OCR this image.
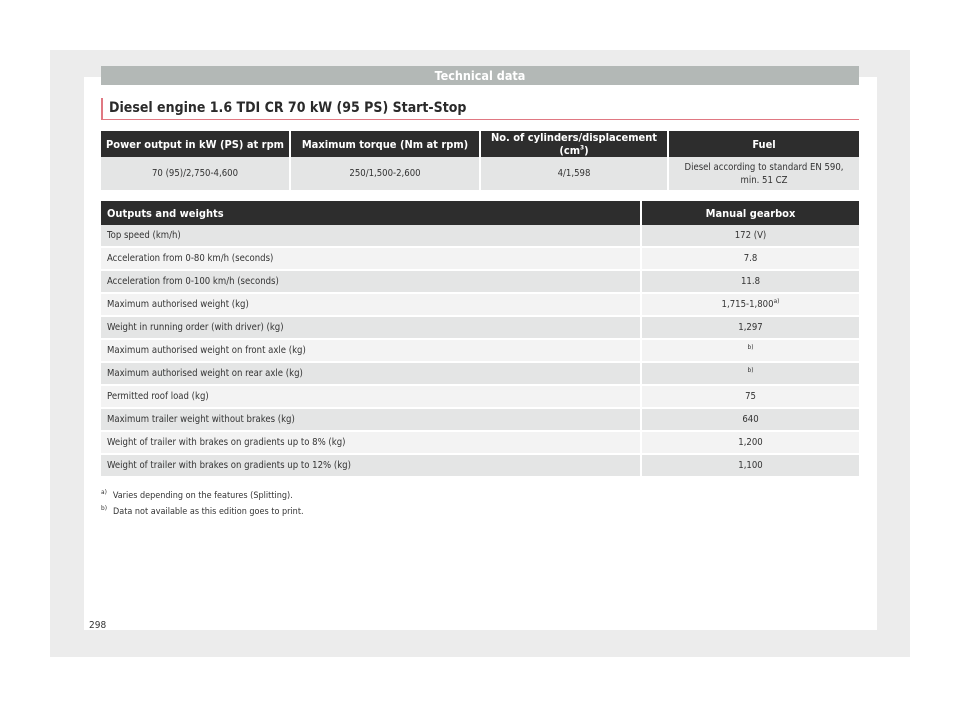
Technical data
Diesel engine 1.6 TDI CR 70 kW (95 PS) Start-Stop
Power output in kW (PS) at rpm	Maximum torque (Nm at rpm)	No. of cylinders/displacement $(cm^3)$	Fuel
70 (95)/2,750-4,600	250/1,500-2,600	4/1,598	Diesel according to standard EN 590, min. 51 CZ
Outputs and weights	Manual gearbox
Top speed (km/h)	172 (V)
Acceleration from 0-80 km/h (seconds)	7.8
Acceleration from 0-100 km/h (seconds)	11.8
Maximum authorised weight (kg)	1,715-1,800$^{a)}$
Weight in running order (with driver) (kg)	1,297
Maximum authorised weight on front axle (kg)	$^{b)}$
Maximum authorised weight on rear axle (kg)	$^{b)}$
Permitted roof load (kg)	75
Maximum trailer weight without brakes (kg)	640
Weight of trailer with brakes on gradients up to 8% (kg)	1,200
Weight of trailer with brakes on gradients up to 12% (kg)	1,100
$^{a)}$ Varies depending on the features (Splitting).
$^{b)}$ Data not available as this edition goes to print.
298
